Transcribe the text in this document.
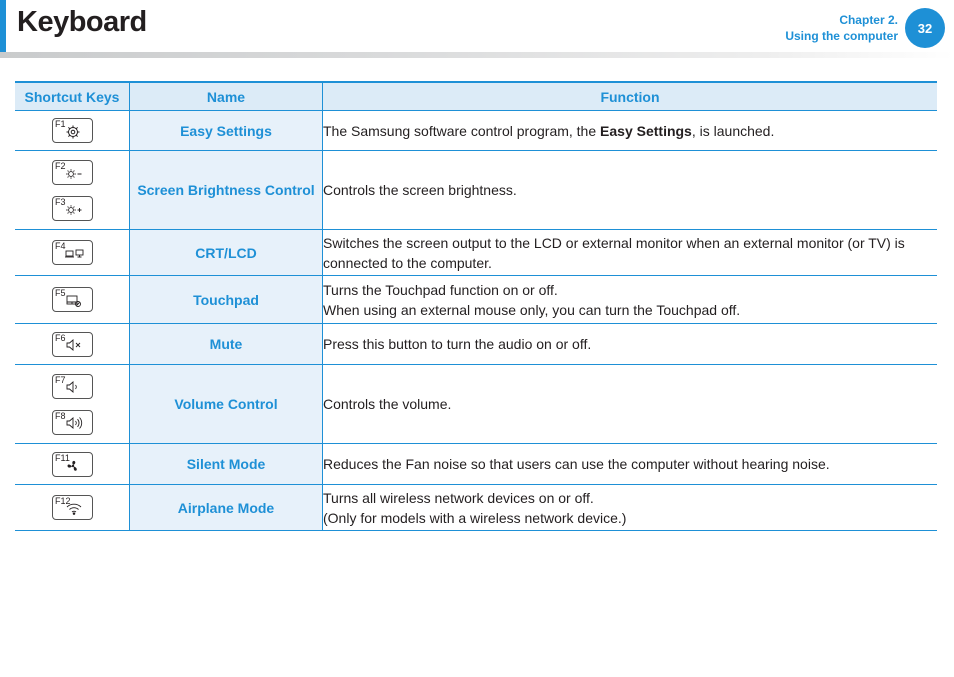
Keyboard	Chapter 2.
Using the computer
32
Shortcut Keys	Name	Function

F1	Easy Settings	The Samsung software control program, the Easy Settings, is launched.

F2
F3	Screen Brightness Control	Controls the screen brightness.

F4	CRT/LCD	Switches the screen output to the LCD or external monitor when an external monitor (or TV) is connected to the computer.

F5	Touchpad	Turns the Touchpad function on or off.
When using an external mouse only, you can turn the Touchpad off.

F6	Mute	Press this button to turn the audio on or off.

F7
F8	Volume Control	Controls the volume.

F11	Silent Mode	Reduces the Fan noise so that users can use the computer without hearing noise.

F12	Airplane Mode	Turns all wireless network devices on or off.
(Only for models with a wireless network device.)
